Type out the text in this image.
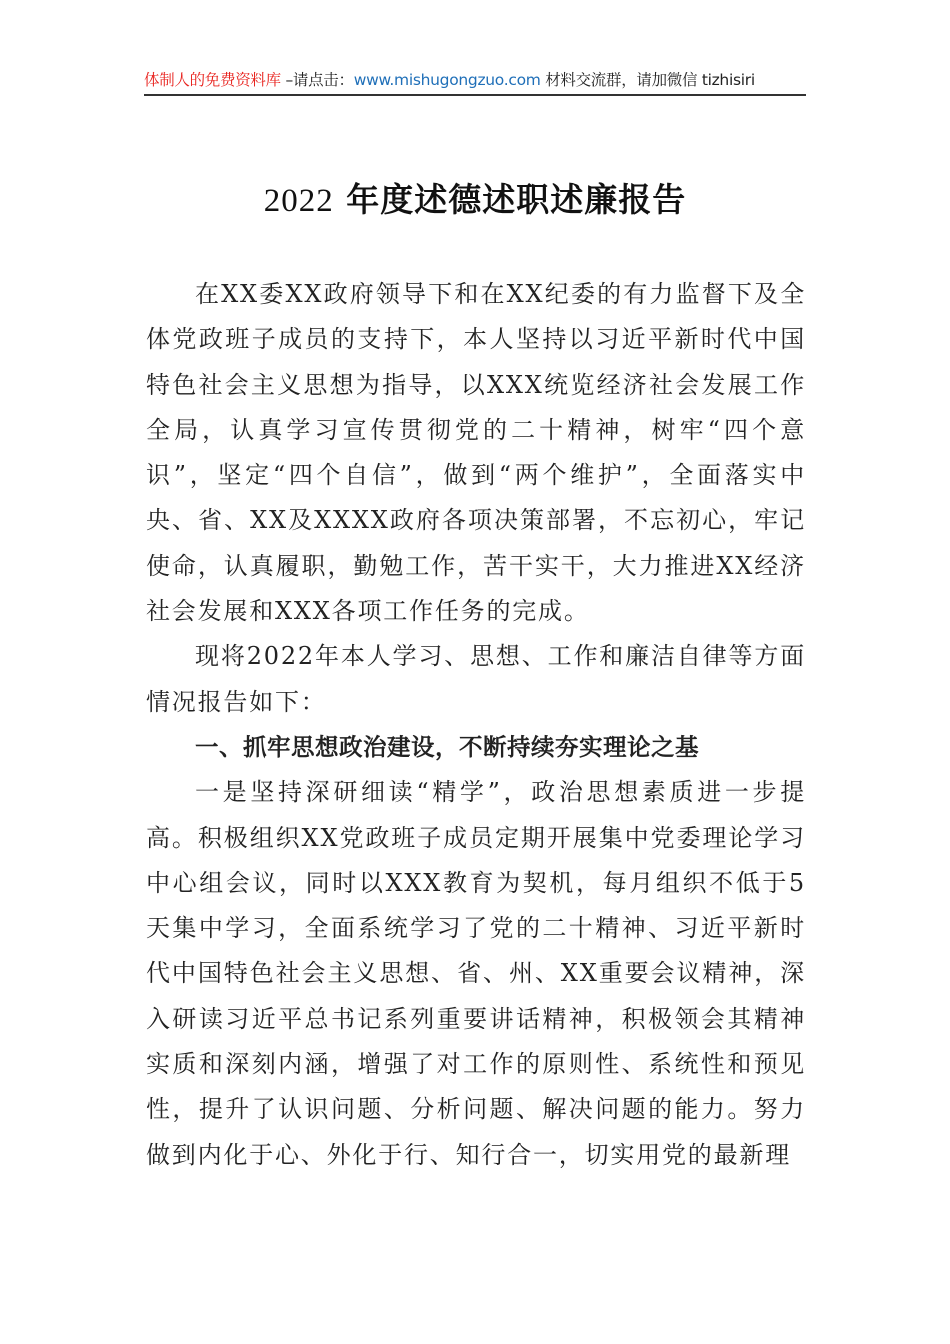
体制人的免费资料库 –请点击：www.mishugongzuo.com 材料交流群，请加微信 tizhisiri
2022 年度述德述职述廉报告

在XX委XX政府领导下和在XX纪委的有力监督下及全体党政班子成员的支持下，本人坚持以习近平新时代中国特色社会主义思想为指导，以XXX统览经济社会发展工作全局，认真学习宣传贯彻党的二十精神，树牢“四个意识”，坚定“四个自信”，做到“两个维护”，全面落实中央、省、XX及XXXX政府各项决策部署，不忘初心，牢记使命，认真履职，勤勉工作，苦干实干，大力推进XX经济社会发展和XXX各项工作任务的完成。

现将2022年本人学习、思想、工作和廉洁自律等方面情况报告如下：

一、抓牢思想政治建设，不断持续夯实理论之基

一是坚持深研细读“精学”，政治思想素质进一步提高。积极组织XX党政班子成员定期开展集中党委理论学习中心组会议，同时以XXX教育为契机，每月组织不低于5天集中学习，全面系统学习了党的二十精神、习近平新时代中国特色社会主义思想、省、州、XX重要会议精神，深入研读习近平总书记系列重要讲话精神，积极领会其精神实质和深刻内涵，增强了对工作的原则性、系统性和预见性，提升了认识问题、分析问题、解决问题的能力。努力做到内化于心、外化于行、知行合一，切实用党的最新理
